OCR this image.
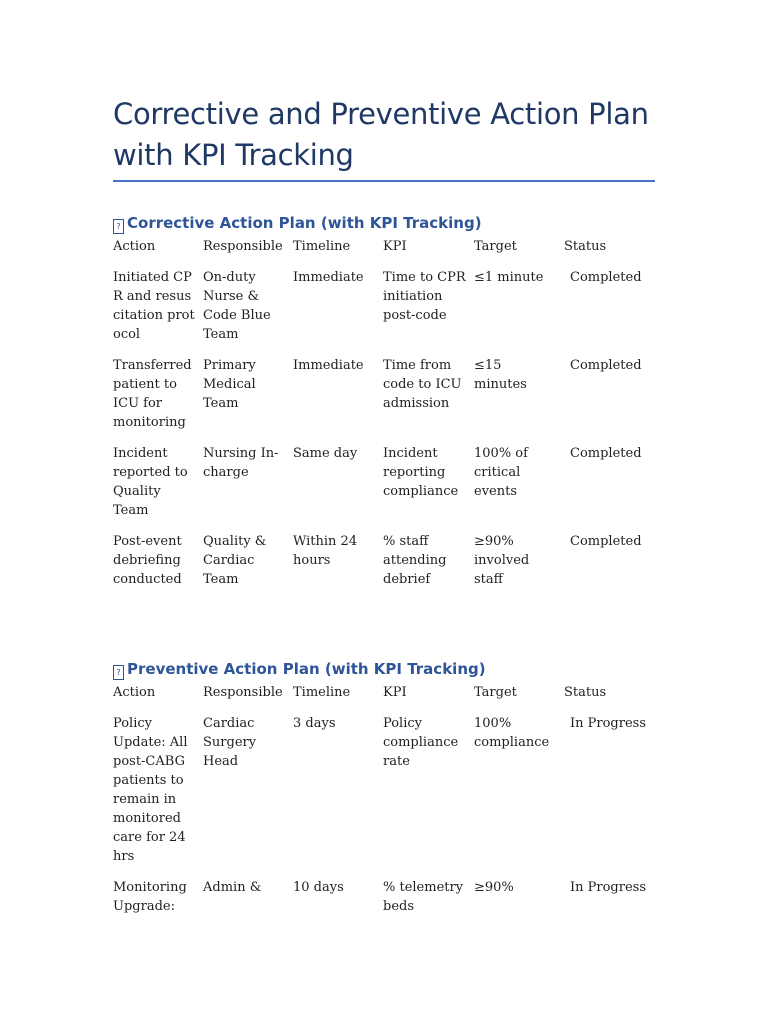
Corrective and Preventive Action Plan with KPI Tracking
? Corrective Action Plan (with KPI Tracking)
Action	Responsible	Timeline	KPI	Target	Status
Initiated CPR and resuscitation protocol	On-duty Nurse & Code Blue Team	Immediate	Time to CPR initiation post-code	≤1 minute	Completed
Transferred patient to ICU for monitoring	Primary Medical Team	Immediate	Time from code to ICU admission	≤15 minutes	Completed
Incident reported to Quality Team	Nursing In-charge	Same day	Incident reporting compliance	100% of critical events	Completed
Post-event debriefing conducted	Quality & Cardiac Team	Within 24 hours	% staff attending debrief	≥90% involved staff	Completed
? Preventive Action Plan (with KPI Tracking)
Action	Responsible	Timeline	KPI	Target	Status
Policy Update: All post-CABG patients to remain in monitored care for 24 hrs	Cardiac Surgery Head	3 days	Policy compliance rate	100% compliance	In Progress
Monitoring Upgrade:	Admin &	10 days	% telemetry beds	≥90%	In Progress
